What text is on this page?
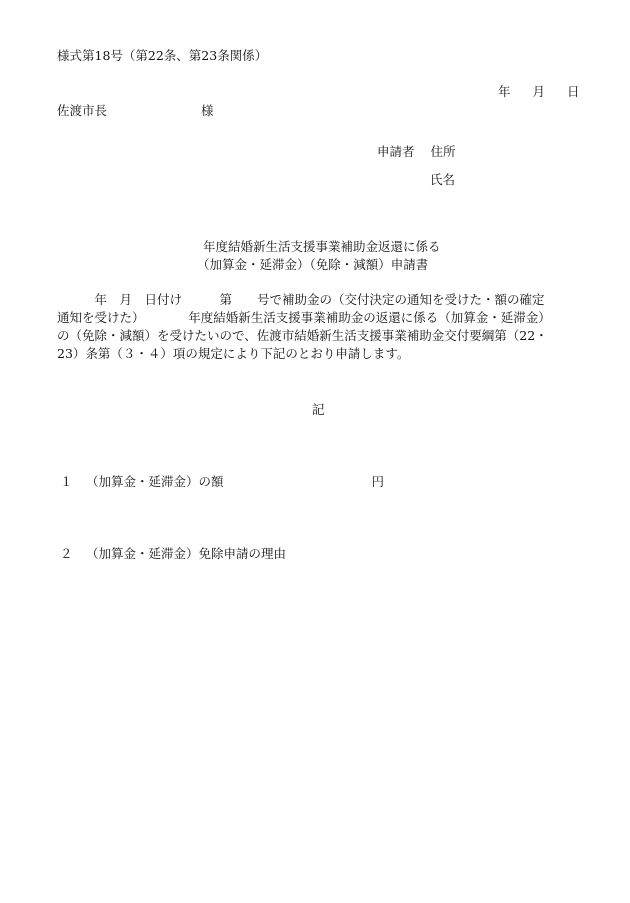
様式第18号（第22条、第23条関係）
年 月 日
佐渡市長	様
申請者 住所
氏名
年度結婚新生活支援事業補助金返還に係る
（加算金・延滞金）（免除・減額）申請書
　　　年　月　日付け　　　第　　号で補助金の（交付決定の通知を受けた・額の確定
通知を受けた）　　　　年度結婚新生活支援事業補助金の返還に係る（加算金・延滞金）
の（免除・減額）を受けたいので、佐渡市結婚新生活支援事業補助金交付要綱第（22・
23）条第（３・４）項の規定により下記のとおり申請します。
記
１ （加算金・延滞金）の額	円
２ （加算金・延滞金）免除申請の理由
